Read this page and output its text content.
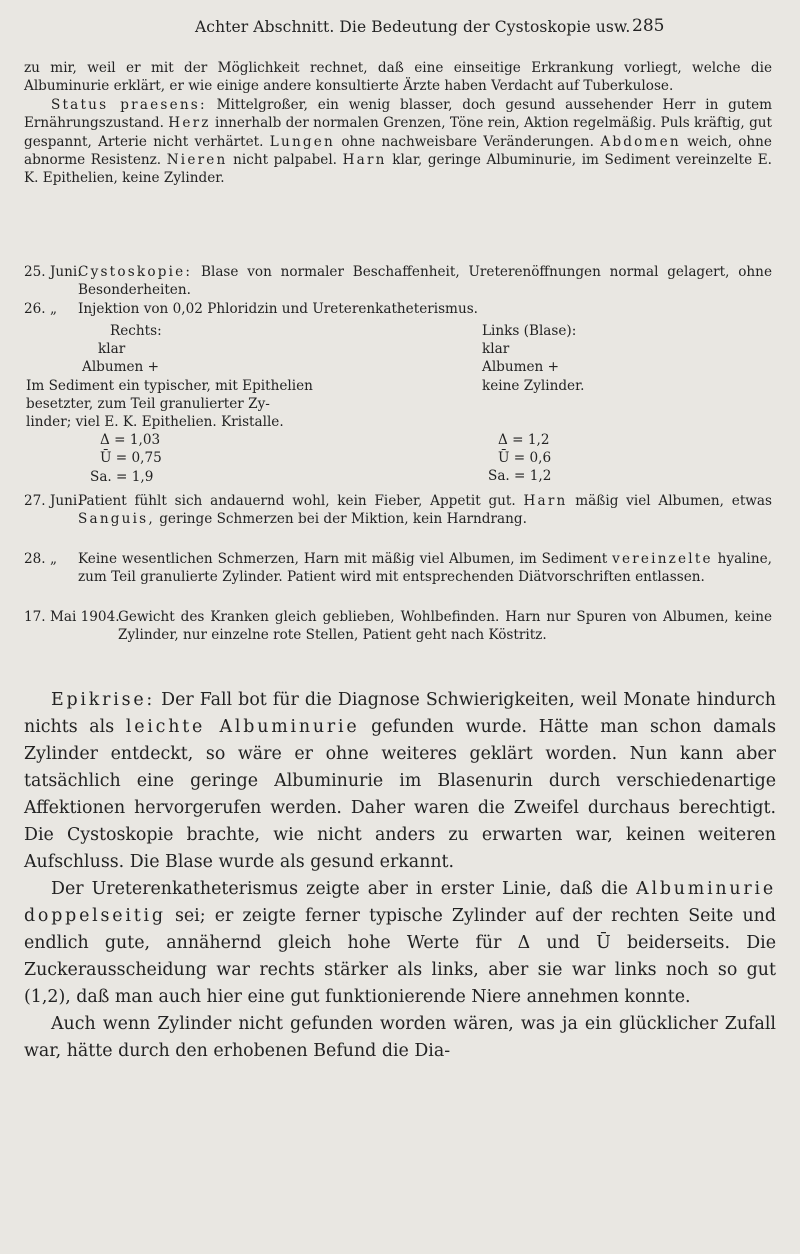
Achter Abschnitt. Die Bedeutung der Cystoskopie usw. 285

zu mir, weil er mit der Möglichkeit rechnet, daß eine einseitige Erkrankung vorliegt, welche die Albuminurie erklärt, er wie einige andere konsultierte Ärzte haben Verdacht auf Tuberkulose.

Status praesens: Mittelgroßer, ein wenig blasser, doch gesund aussehender Herr in gutem Ernährungszustand. Herz innerhalb der normalen Grenzen, Töne rein, Aktion regelmäßig. Puls kräftig, gut gespannt, Arterie nicht verhärtet. Lungen ohne nachweisbare Veränderungen. Abdomen weich, ohne abnorme Resistenz. Nieren nicht palpabel. Harn klar, geringe Albuminurie, im Sediment vereinzelte E. K. Epithelien, keine Zylinder.

25. Juni.
Cystoskopie: Blase von normaler Beschaffenheit, Ureterenöffnungen normal gelagert, ohne Besonderheiten.
26. „ Injektion von 0,02 Phloridzin und Ureterenkatheterismus.
Rechts:
klar
Albumen +
Im Sediment ein typischer, mit Epithelien
besetzter, zum Teil granulierter Zy-
linder; viel E. K. Epithelien. Kristalle.
Δ = 1,03
Ū = 0,75
Sa. = 1,9
Links (Blase):
klar
Albumen +
keine Zylinder.
Δ = 1,2
Ū = 0,6
Sa. = 1,2
27. Juni.
Patient fühlt sich andauernd wohl, kein Fieber, Appetit gut. Harn mäßig viel Albumen, etwas Sanguis, geringe Schmerzen bei der Miktion, kein Harndrang.
28. „ Keine wesentlichen Schmerzen, Harn mit mäßig viel Albumen, im Sediment vereinzelte hyaline, zum Teil granulierte Zylinder. Patient wird mit entsprechenden Diätvorschriften entlassen.
17. Mai 1904.
Gewicht des Kranken gleich geblieben, Wohlbefinden. Harn nur Spuren von Albumen, keine Zylinder, nur einzelne rote Stellen, Patient geht nach Köstritz.

Epikrise: Der Fall bot für die Diagnose Schwierigkeiten, weil Monate hindurch nichts als leichte Albuminurie gefunden wurde. Hätte man schon damals Zylinder entdeckt, so wäre er ohne weiteres geklärt worden. Nun kann aber tatsächlich eine geringe Albuminurie im Blasenurin durch verschiedenartige Affektionen hervorgerufen werden. Daher waren die Zweifel durchaus berechtigt. Die Cystoskopie brachte, wie nicht anders zu erwarten war, keinen weiteren Aufschluss. Die Blase wurde als gesund erkannt.

Der Ureterenkatheterismus zeigte aber in erster Linie, daß die Albuminurie doppelseitig sei; er zeigte ferner typische Zylinder auf der rechten Seite und endlich gute, annähernd gleich hohe Werte für Δ und Ū beiderseits. Die Zuckerausscheidung war rechts stärker als links, aber sie war links noch so gut (1,2), daß man auch hier eine gut funktionierende Niere annehmen konnte.

Auch wenn Zylinder nicht gefunden worden wären, was ja ein glücklicher Zufall war, hätte durch den erhobenen Befund die Dia-
